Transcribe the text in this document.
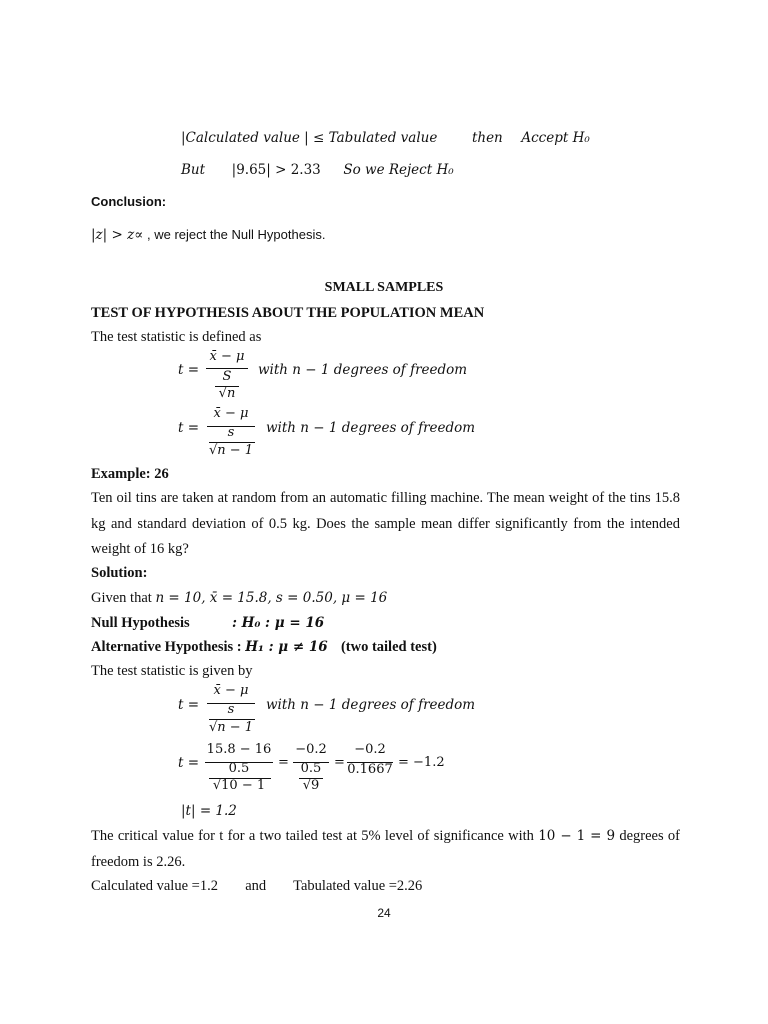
|Calculated value | ≤ Tabulated value	then Accept H₀
But |9.65| > 2.33 So we Reject H₀
Conclusion:
|z| > z∝ , we reject the Null Hypothesis.
SMALL SAMPLES
TEST OF HYPOTHESIS ABOUT THE POPULATION MEAN
The test statistic is defined as
t =
x̄ − μ
S
√n
with n − 1 degrees of freedom
t =
x̄ − μ
s
√n − 1
with n − 1 degrees of freedom
Example: 26
Ten oil tins are taken at random from an automatic filling machine. The mean weight of the tins 15.8 kg and standard deviation of 0.5 kg. Does the sample mean differ significantly from the intended weight of 16 kg?
Solution:
Given that n = 10, x̄ = 15.8, s = 0.50, μ = 16
Null Hypothesis	: H₀ : μ = 16
Alternative Hypothesis : H₁ : μ ≠ 16 (two tailed test)
The test statistic is given by
t =
x̄ − μ
s
√n − 1
with n − 1 degrees of freedom
t =
15.8 − 16
0.5
√10 − 1
=
−0.2
0.5
√9
=
−0.2
0.1667 = −1.2
|t| = 1.2
The critical value for t for a two tailed test at 5% level of significance with 10 − 1 = 9 degrees of freedom is 2.26.
Calculated value =1.2 and Tabulated value =2.26
24
